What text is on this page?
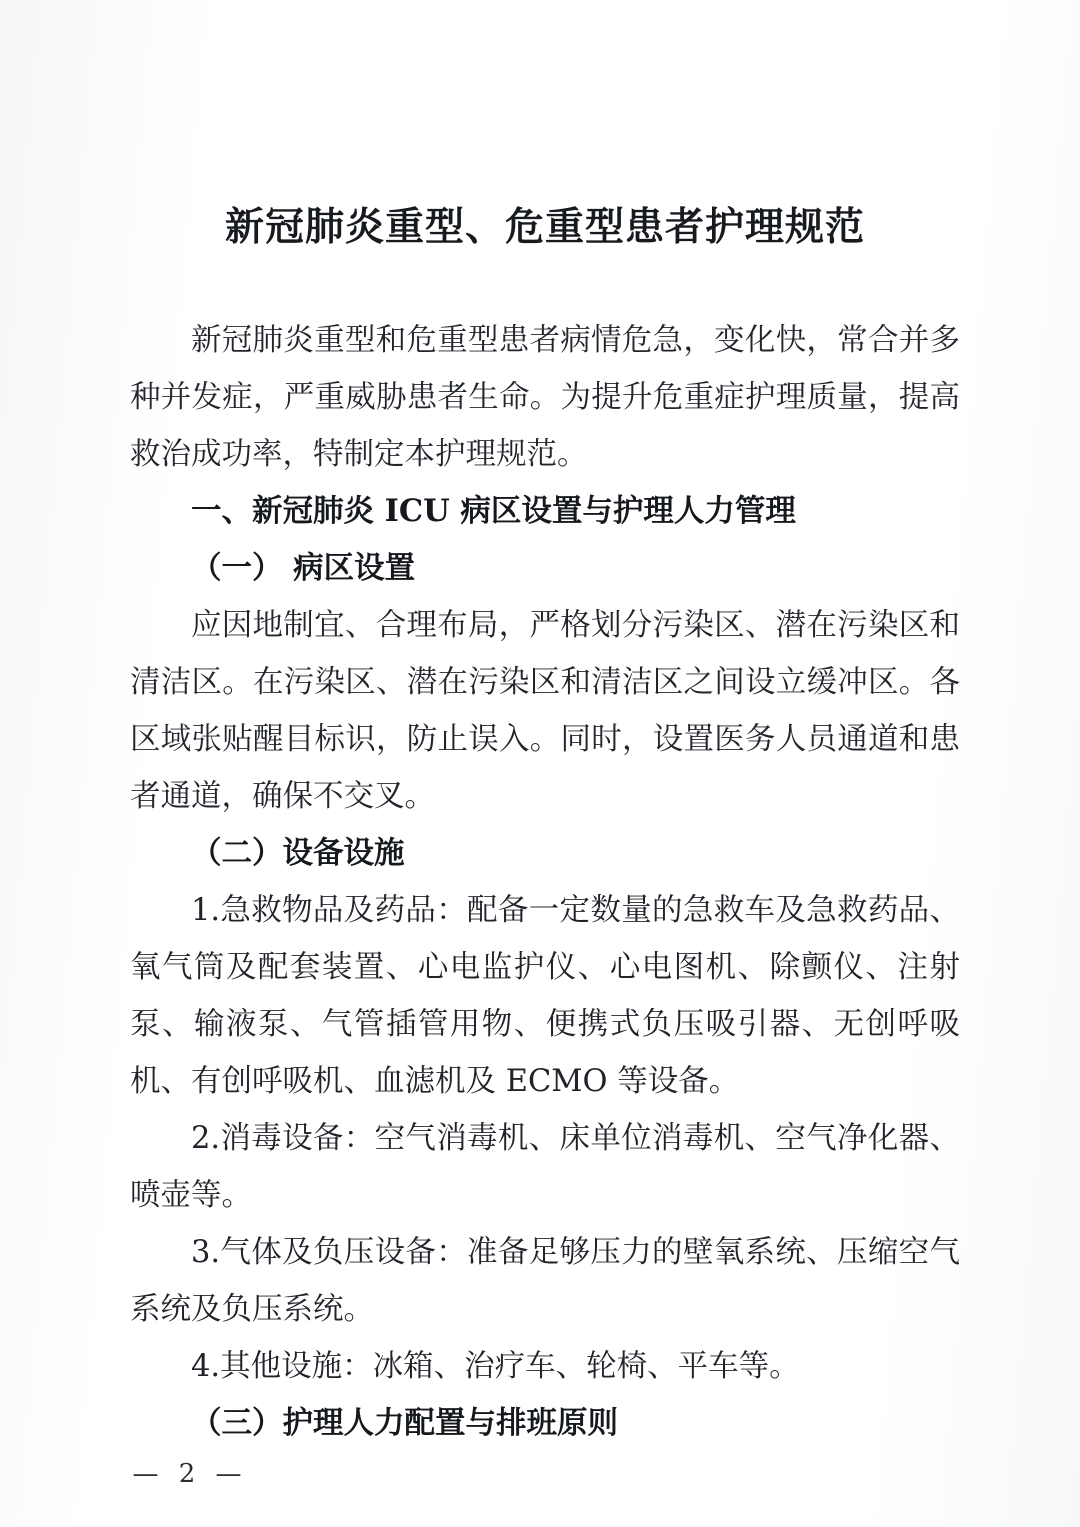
新冠肺炎重型、危重型患者护理规范

新冠肺炎重型和危重型患者病情危急，变化快，常合并多种并发症，严重威胁患者生命。为提升危重症护理质量，提高救治成功率，特制定本护理规范。

一、新冠肺炎 ICU 病区设置与护理人力管理

（一） 病区设置

应因地制宜、合理布局，严格划分污染区、潜在污染区和清洁区。在污染区、潜在污染区和清洁区之间设立缓冲区。各区域张贴醒目标识，防止误入。同时，设置医务人员通道和患者通道，确保不交叉。

（二）设备设施

1.急救物品及药品：配备一定数量的急救车及急救药品、氧气筒及配套装置、心电监护仪、心电图机、除颤仪、注射泵、输液泵、气管插管用物、便携式负压吸引器、无创呼吸机、有创呼吸机、血滤机及 ECMO 等设备。

2.消毒设备：空气消毒机、床单位消毒机、空气净化器、喷壶等。

3.气体及负压设备：准备足够压力的壁氧系统、压缩空气系统及负压系统。

4.其他设施：冰箱、治疗车、轮椅、平车等。

（三）护理人力配置与排班原则

— 2 —
